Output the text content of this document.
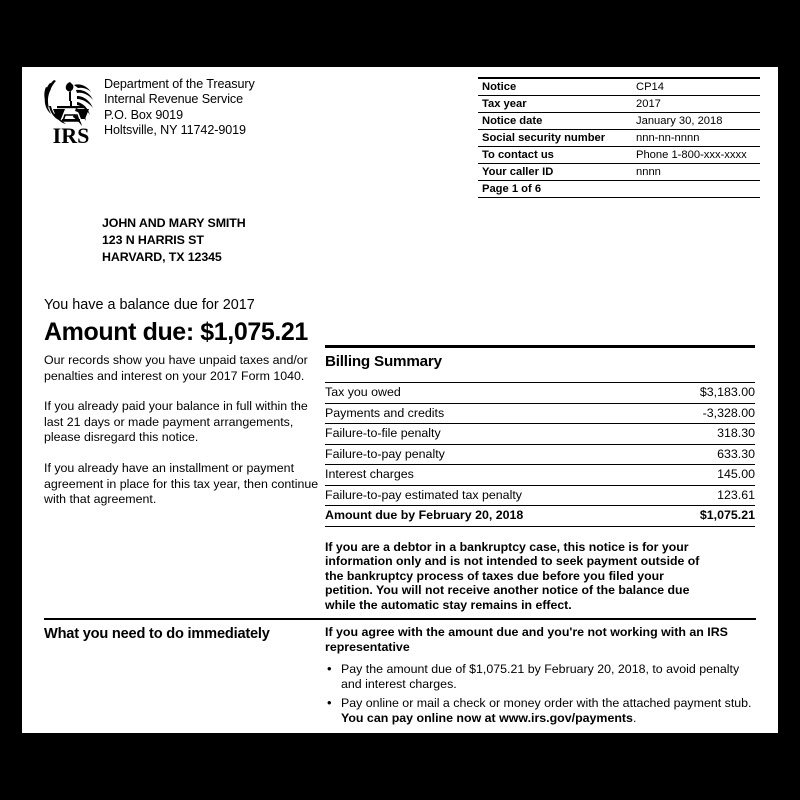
IRS
Department of the Treasury
Internal Revenue Service
P.O. Box 9019
Holtsville, NY 11742-9019
Notice	CP14
Tax year	2017
Notice date	January 30, 2018
Social security number	nnn-nn-nnnn
To contact us	Phone 1-800-xxx-xxxx
Your caller ID	nnnn
Page 1 of 6	
JOHN AND MARY SMITH
123 N HARRIS ST
HARVARD, TX 12345
You have a balance due for 2017
Amount due: $1,075.21
Our records show you have unpaid taxes and/or penalties and interest on your 2017 Form 1040.
If you already paid your balance in full within the last 21 days or made payment arrangements, please disregard this notice.
If you already have an installment or payment agreement in place for this tax year, then continue with that agreement.
Billing Summary
Tax you owed	$3,183.00
Payments and credits	-3,328.00
Failure-to-file penalty	318.30
Failure-to-pay penalty	633.30
Interest charges	145.00
Failure-to-pay estimated tax penalty	123.61
Amount due by February 20, 2018	$1,075.21
If you are a debtor in a bankruptcy case, this notice is for your information only and is not intended to seek payment outside of the bankruptcy process of taxes due before you filed your petition. You will not receive another notice of the balance due while the automatic stay remains in effect.
What you need to do immediately	If you agree with the amount due and you're not working with an IRS representative
• Pay the amount due of $1,075.21 by February 20, 2018, to avoid penalty and interest charges.
• Pay online or mail a check or money order with the attached payment stub. You can pay online now at www.irs.gov/payments.
